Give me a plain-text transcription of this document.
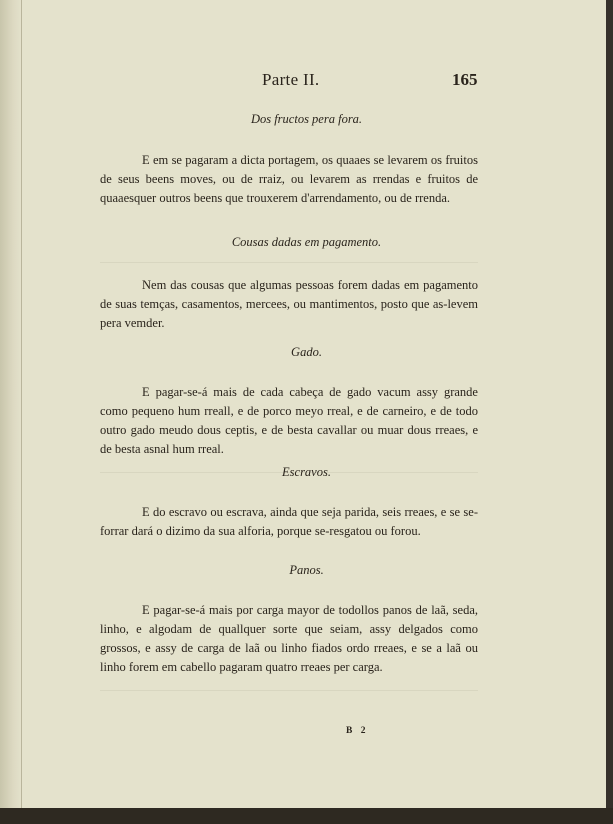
Parte II.	165
Dos fructos pera fora.

E em se pagaram a dicta portagem, os quaaes se levarem os fruitos de seus beens moves, ou de rraiz, ou levarem as rrendas e fruitos de quaaesquer outros beens que trouxerem d'arrendamento, ou de rrenda.

Cousas dadas em pagamento.

Nem das cousas que algumas pessoas forem dadas em pagamento de suas temças, casamentos, mercees, ou mantimentos, posto que as-levem pera vemder.

Gado.

E pagar-se-á mais de cada cabeça de gado vacum assy grande como pequeno hum rreall, e de porco meyo rreal, e de carneiro, e de todo outro gado meudo dous ceptis, e de besta cavallar ou muar dous rreaes, e de besta asnal hum rreal.

Escravos.

E do escravo ou escrava, ainda que seja parida, seis rreaes, e se se-forrar dará o dizimo da sua alforia, porque se-resgatou ou forou.

Panos.

E pagar-se-á mais por carga mayor de todollos panos de laã, seda, linho, e algodam de quallquer sorte que seiam, assy delgados como grossos, e assy de carga de laã ou linho fiados ordo rreaes, e se a laã ou linho forem em cabello pagaram quatro rreaes per carga.

B 2
